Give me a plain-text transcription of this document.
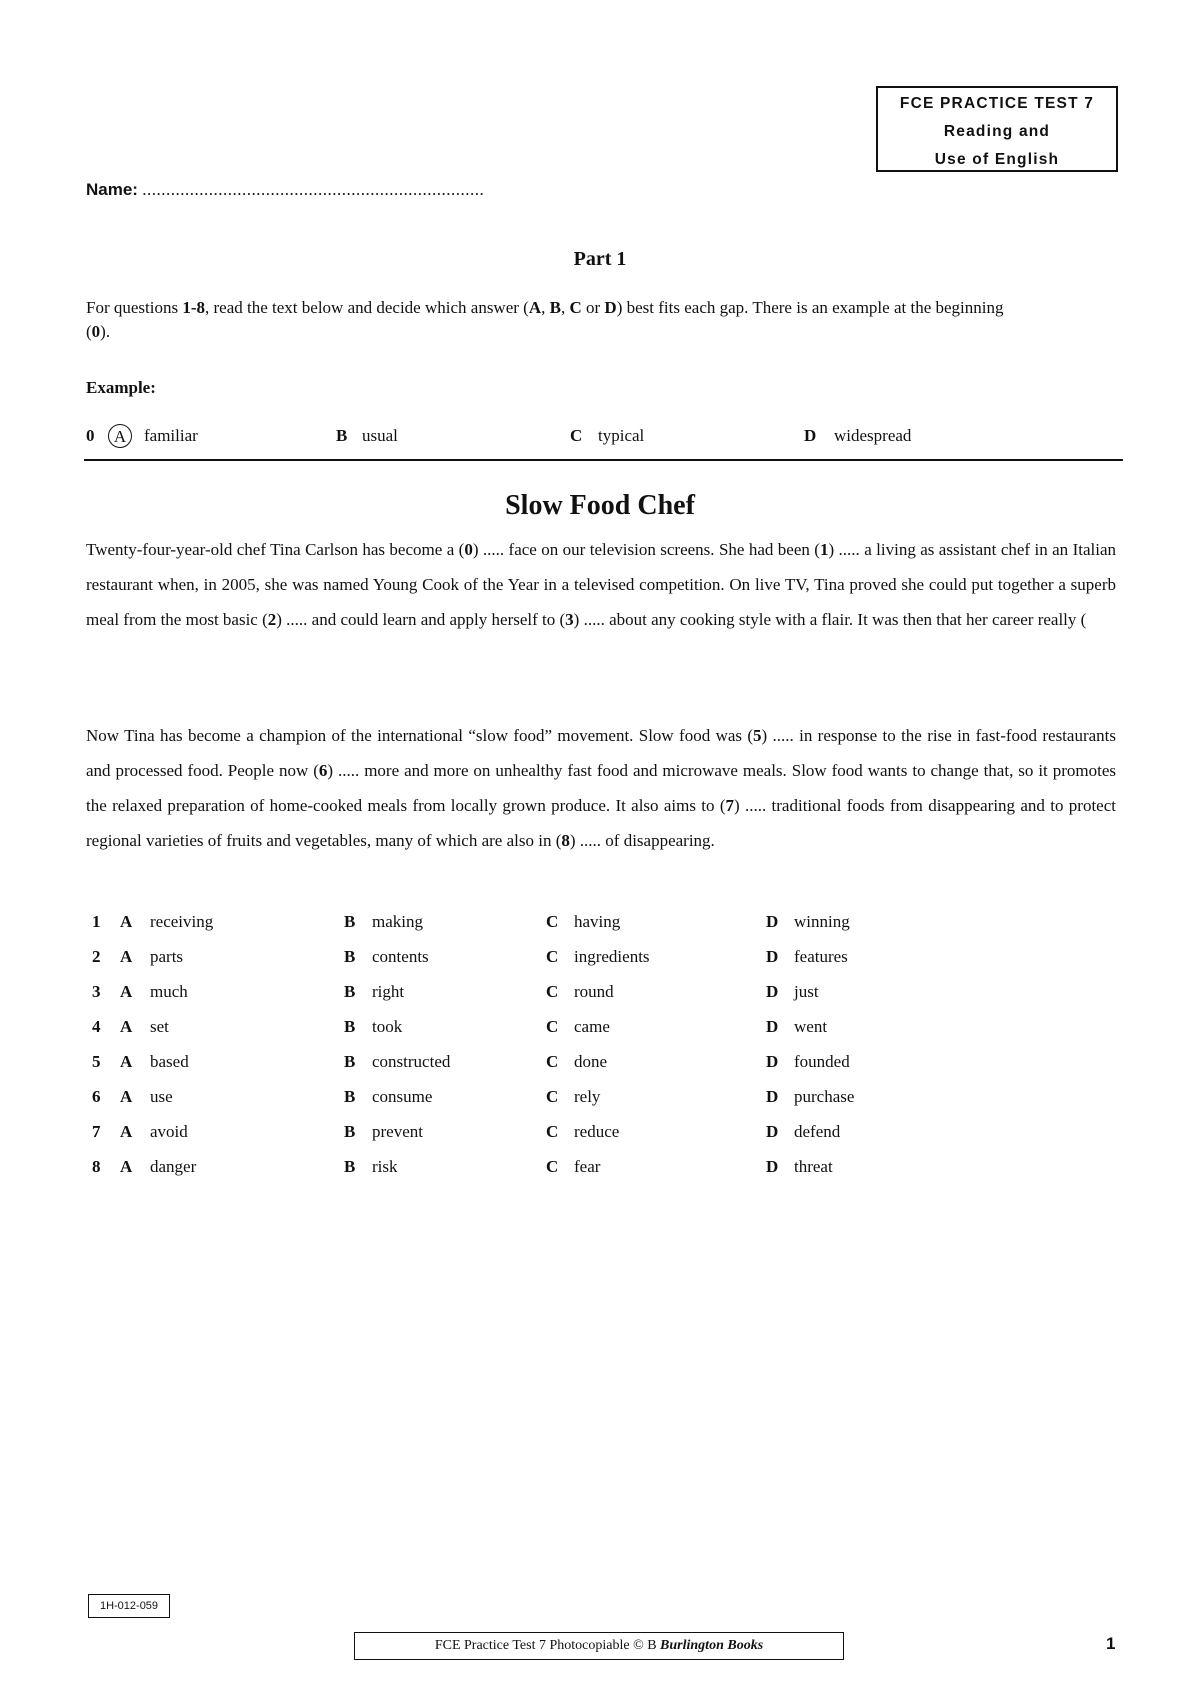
FCE PRACTICE TEST 7
Reading and
Use of English
Name: ........................................................................
Part 1
For questions 1-8, read the text below and decide which answer (A, B, C or D) best fits each gap. There is an example at the beginning (0).
Example:
0	A	familiar	B usual	C typical	D widespread
Slow Food Chef
Twenty-four-year-old chef Tina Carlson has become a (0) ..... face on our television screens. She had been (1) ..... a living as assistant chef in an Italian restaurant when, in 2005, she was named Young Cook of the Year in a televised competition. On live TV, Tina proved she could put together a superb meal from the most basic (2) ..... and could learn and apply herself to (3) ..... about any cooking style with a flair. It was then that her career really (
Now Tina has become a champion of the international “slow food” movement. Slow food was (5) ..... in response to the rise in fast-food restaurants and processed food. People now (6) ..... more and more on unhealthy fast food and microwave meals. Slow food wants to change that, so it promotes the relaxed preparation of home-cooked meals from locally grown produce. It also aims to (7) ..... traditional foods from disappearing and to protect regional varieties of fruits and vegetables, many of which are also in (8) ..... of disappearing.
1 A receiving	B making	C having	D winning
2 A parts	B contents	C ingredients	D features
3 A much	B right	C round	D just
4 A set	B took	C came	D went
5 A based	B constructed	C done	D founded
6 A use	B consume	C rely	D purchase
7 A avoid	B prevent	C reduce	D defend
8 A danger	B risk	C fear	D threat
1H-012-059
FCE Practice Test 7 Photocopiable © B Burlington Books	1
